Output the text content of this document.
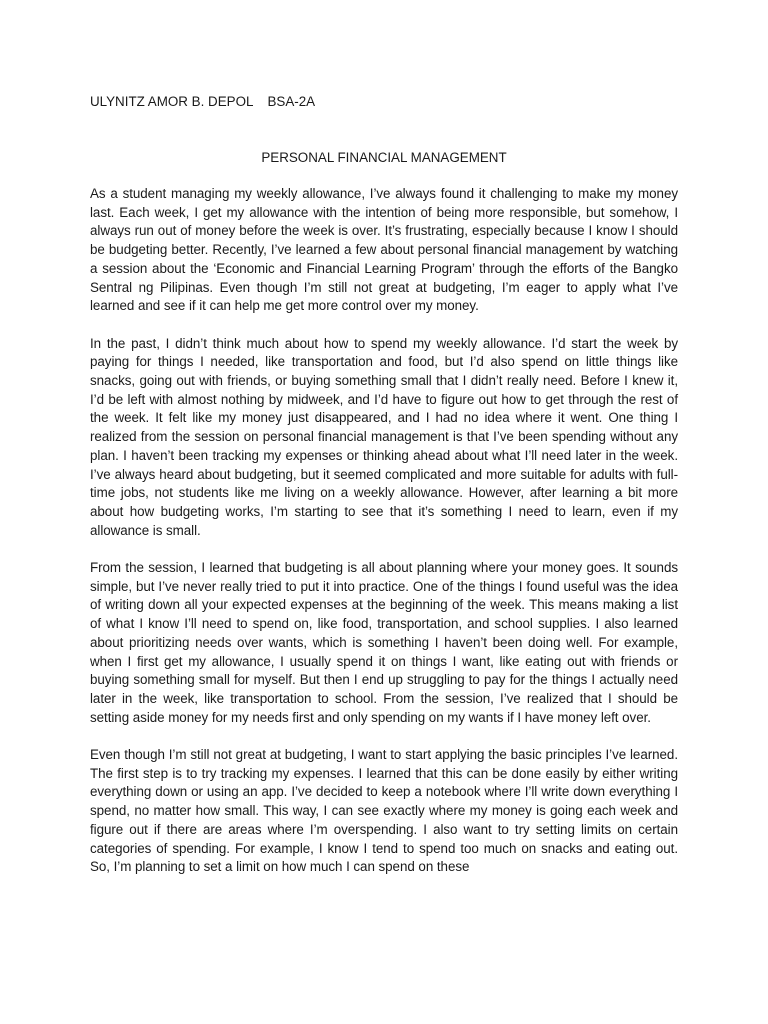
ULYNITZ AMOR B. DEPOL BSA-2A
PERSONAL FINANCIAL MANAGEMENT

As a student managing my weekly allowance, I’ve always found it challenging to make my money last. Each week, I get my allowance with the intention of being more responsible, but somehow, I always run out of money before the week is over. It’s frustrating, especially because I know I should be budgeting better. Recently, I’ve learned a few about personal financial management by watching a session about the ‘Economic and Financial Learning Program’ through the efforts of the Bangko Sentral ng Pilipinas. Even though I’m still not great at budgeting, I’m eager to apply what I’ve learned and see if it can help me get more control over my money.

In the past, I didn’t think much about how to spend my weekly allowance. I’d start the week by paying for things I needed, like transportation and food, but I’d also spend on little things like snacks, going out with friends, or buying something small that I didn’t really need. Before I knew it, I’d be left with almost nothing by midweek, and I’d have to figure out how to get through the rest of the week. It felt like my money just disappeared, and I had no idea where it went. One thing I realized from the session on personal financial management is that I’ve been spending without any plan. I haven’t been tracking my expenses or thinking ahead about what I’ll need later in the week. I’ve always heard about budgeting, but it seemed complicated and more suitable for adults with full-time jobs, not students like me living on a weekly allowance. However, after learning a bit more about how budgeting works, I’m starting to see that it’s something I need to learn, even if my allowance is small.

From the session, I learned that budgeting is all about planning where your money goes. It sounds simple, but I’ve never really tried to put it into practice. One of the things I found useful was the idea of writing down all your expected expenses at the beginning of the week. This means making a list of what I know I’ll need to spend on, like food, transportation, and school supplies. I also learned about prioritizing needs over wants, which is something I haven’t been doing well. For example, when I first get my allowance, I usually spend it on things I want, like eating out with friends or buying something small for myself. But then I end up struggling to pay for the things I actually need later in the week, like transportation to school. From the session, I’ve realized that I should be setting aside money for my needs first and only spending on my wants if I have money left over.

Even though I’m still not great at budgeting, I want to start applying the basic principles I’ve learned. The first step is to try tracking my expenses. I learned that this can be done easily by either writing everything down or using an app. I’ve decided to keep a notebook where I’ll write down everything I spend, no matter how small. This way, I can see exactly where my money is going each week and figure out if there are areas where I’m overspending. I also want to try setting limits on certain categories of spending. For example, I know I tend to spend too much on snacks and eating out. So, I’m planning to set a limit on how much I can spend on these
